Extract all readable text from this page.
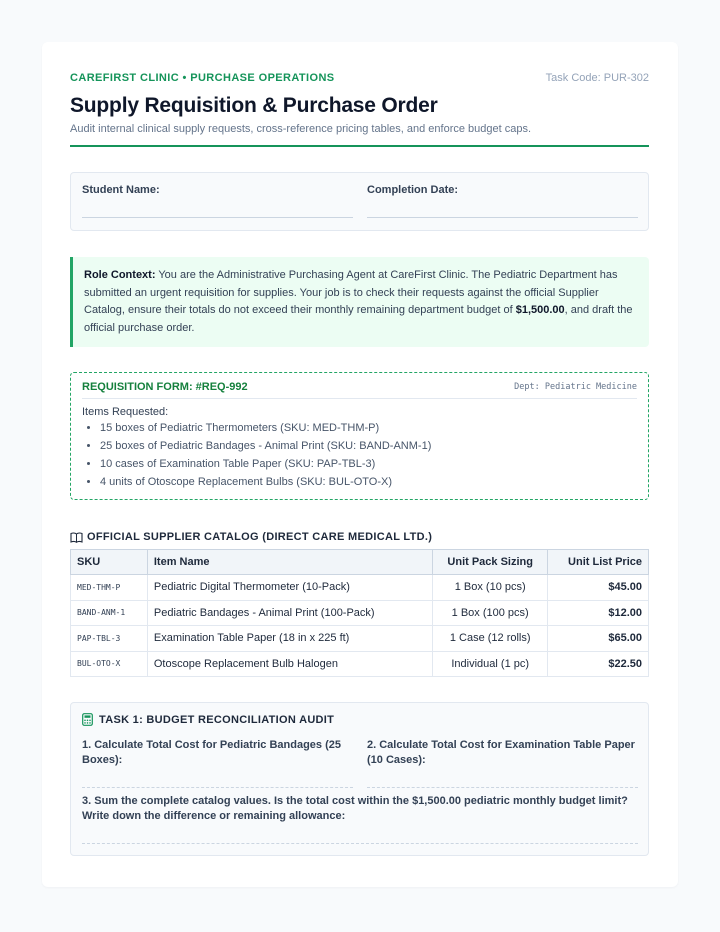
CAREFIRST CLINIC • PURCHASE OPERATIONS	Task Code: PUR-302
Supply Requisition & Purchase Order
Audit internal clinical supply requests, cross-reference pricing tables, and enforce budget caps.
Student Name:	Completion Date:
Role Context: You are the Administrative Purchasing Agent at CareFirst Clinic. The Pediatric Department has submitted an urgent requisition for supplies. Your job is to check their requests against the official Supplier Catalog, ensure their totals do not exceed their monthly remaining department budget of $1,500.00, and draft the official purchase order.
REQUISITION FORM: #REQ-992	Dept: Pediatric Medicine
Items Requested:
• 15 boxes of Pediatric Thermometers (SKU: MED-THM-P)
• 25 boxes of Pediatric Bandages - Animal Print (SKU: BAND-ANM-1)
• 10 cases of Examination Table Paper (SKU: PAP-TBL-3)
• 4 units of Otoscope Replacement Bulbs (SKU: BUL-OTO-X)
OFFICIAL SUPPLIER CATALOG (DIRECT CARE MEDICAL LTD.)
SKU	Item Name	Unit Pack Sizing	Unit List Price
MED-THM-P	Pediatric Digital Thermometer (10-Pack)	1 Box (10 pcs)	$45.00
BAND-ANM-1	Pediatric Bandages - Animal Print (100-Pack)	1 Box (100 pcs)	$12.00
PAP-TBL-3	Examination Table Paper (18 in x 225 ft)	1 Case (12 rolls)	$65.00
BUL-OTO-X	Otoscope Replacement Bulb Halogen	Individual (1 pc)	$22.50
TASK 1: BUDGET RECONCILIATION AUDIT
1. Calculate Total Cost for Pediatric Bandages (25 Boxes):
2. Calculate Total Cost for Examination Table Paper (10 Cases):
3. Sum the complete catalog values. Is the total cost within the $1,500.00 pediatric monthly budget limit? Write down the difference or remaining allowance:
